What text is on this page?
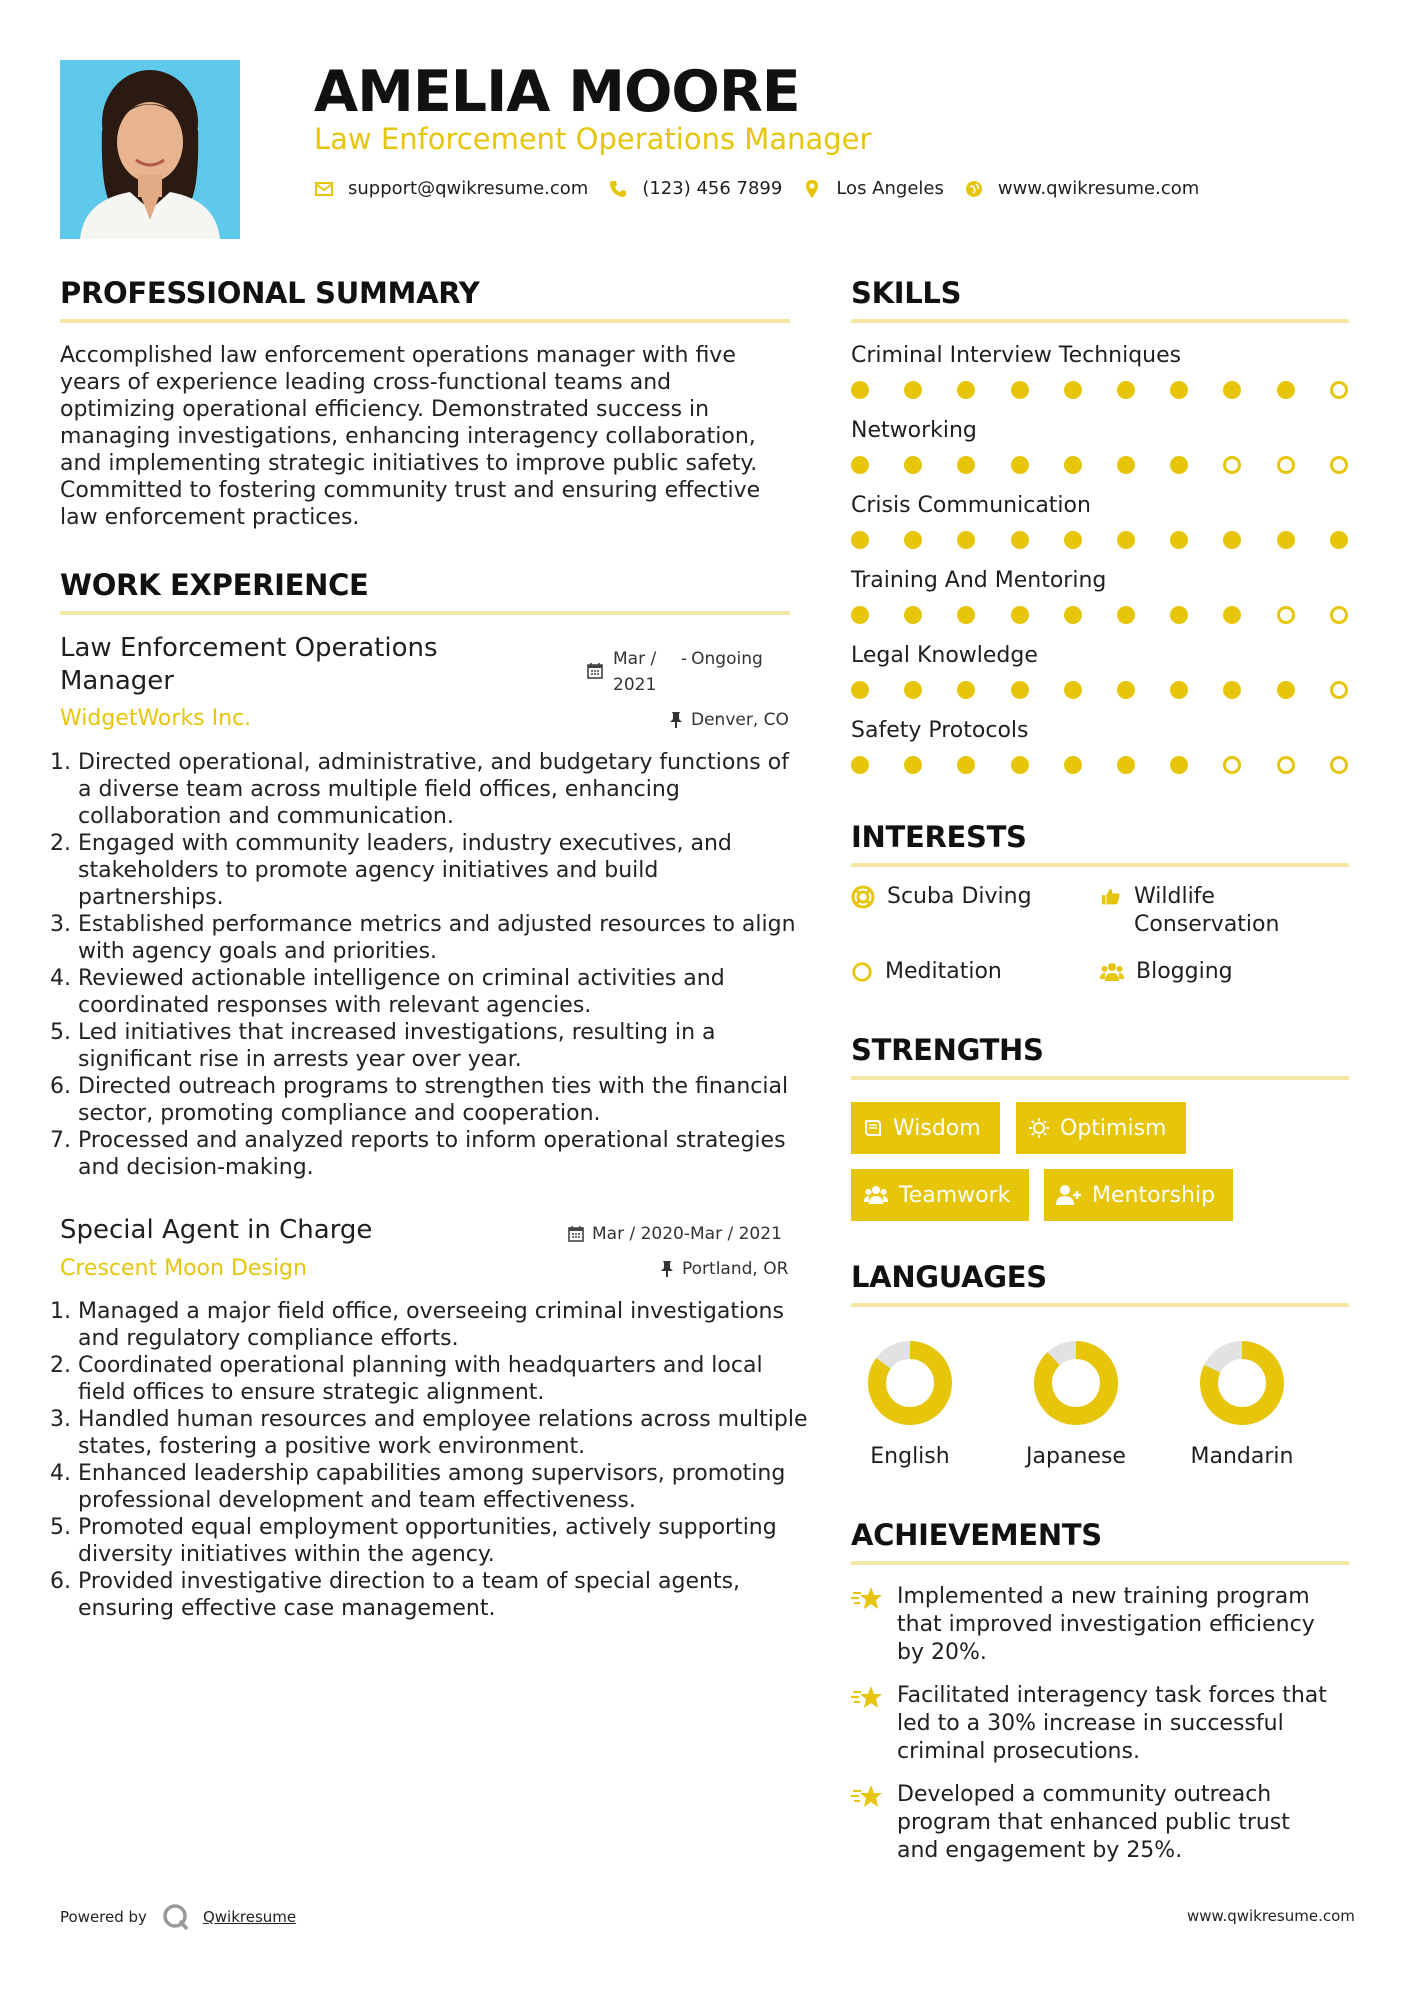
AMELIA MOORE
Law Enforcement Operations Manager
support@qwikresume.com	(123) 456 7899	Los Angeles	www.qwikresume.com
PROFESSIONAL SUMMARY
Accomplished law enforcement operations manager with five years of experience leading cross-functional teams and optimizing operational efficiency. Demonstrated success in managing investigations, enhancing interagency collaboration, and implementing strategic initiatives to improve public safety. Committed to fostering community trust and ensuring effective law enforcement practices.
WORK EXPERIENCE
Law Enforcement Operations Manager
Mar / 2021
- Ongoing
WidgetWorks Inc.	Denver, CO
1. Directed operational, administrative, and budgetary functions of a diverse team across multiple field offices, enhancing collaboration and communication.
2. Engaged with community leaders, industry executives, and stakeholders to promote agency initiatives and build partnerships.
3. Established performance metrics and adjusted resources to align with agency goals and priorities.
4. Reviewed actionable intelligence on criminal activities and coordinated responses with relevant agencies.
5. Led initiatives that increased investigations, resulting in a significant rise in arrests year over year.
6. Directed outreach programs to strengthen ties with the financial sector, promoting compliance and cooperation.
7. Processed and analyzed reports to inform operational strategies and decision-making.
Special Agent in Charge	Mar / 2020-Mar / 2021
Crescent Moon Design	Portland, OR
1. Managed a major field office, overseeing criminal investigations and regulatory compliance efforts.
2. Coordinated operational planning with headquarters and local field offices to ensure strategic alignment.
3. Handled human resources and employee relations across multiple states, fostering a positive work environment.
4. Enhanced leadership capabilities among supervisors, promoting professional development and team effectiveness.
5. Promoted equal employment opportunities, actively supporting diversity initiatives within the agency.
6. Provided investigative direction to a team of special agents, ensuring effective case management.
SKILLS
Criminal Interview Techniques
Networking
Crisis Communication
Training And Mentoring
Legal Knowledge
Safety Protocols
INTERESTS
Scuba Diving	Wildlife Conservation
Meditation	Blogging
STRENGTHS
Wisdom	Optimism
Teamwork	Mentorship
LANGUAGES
English	Japanese	Mandarin
ACHIEVEMENTS
Implemented a new training program that improved investigation efficiency by 20%.
Facilitated interagency task forces that led to a 30% increase in successful criminal prosecutions.
Developed a community outreach program that enhanced public trust and engagement by 25%.
Powered by	Qwikresume	www.qwikresume.com
